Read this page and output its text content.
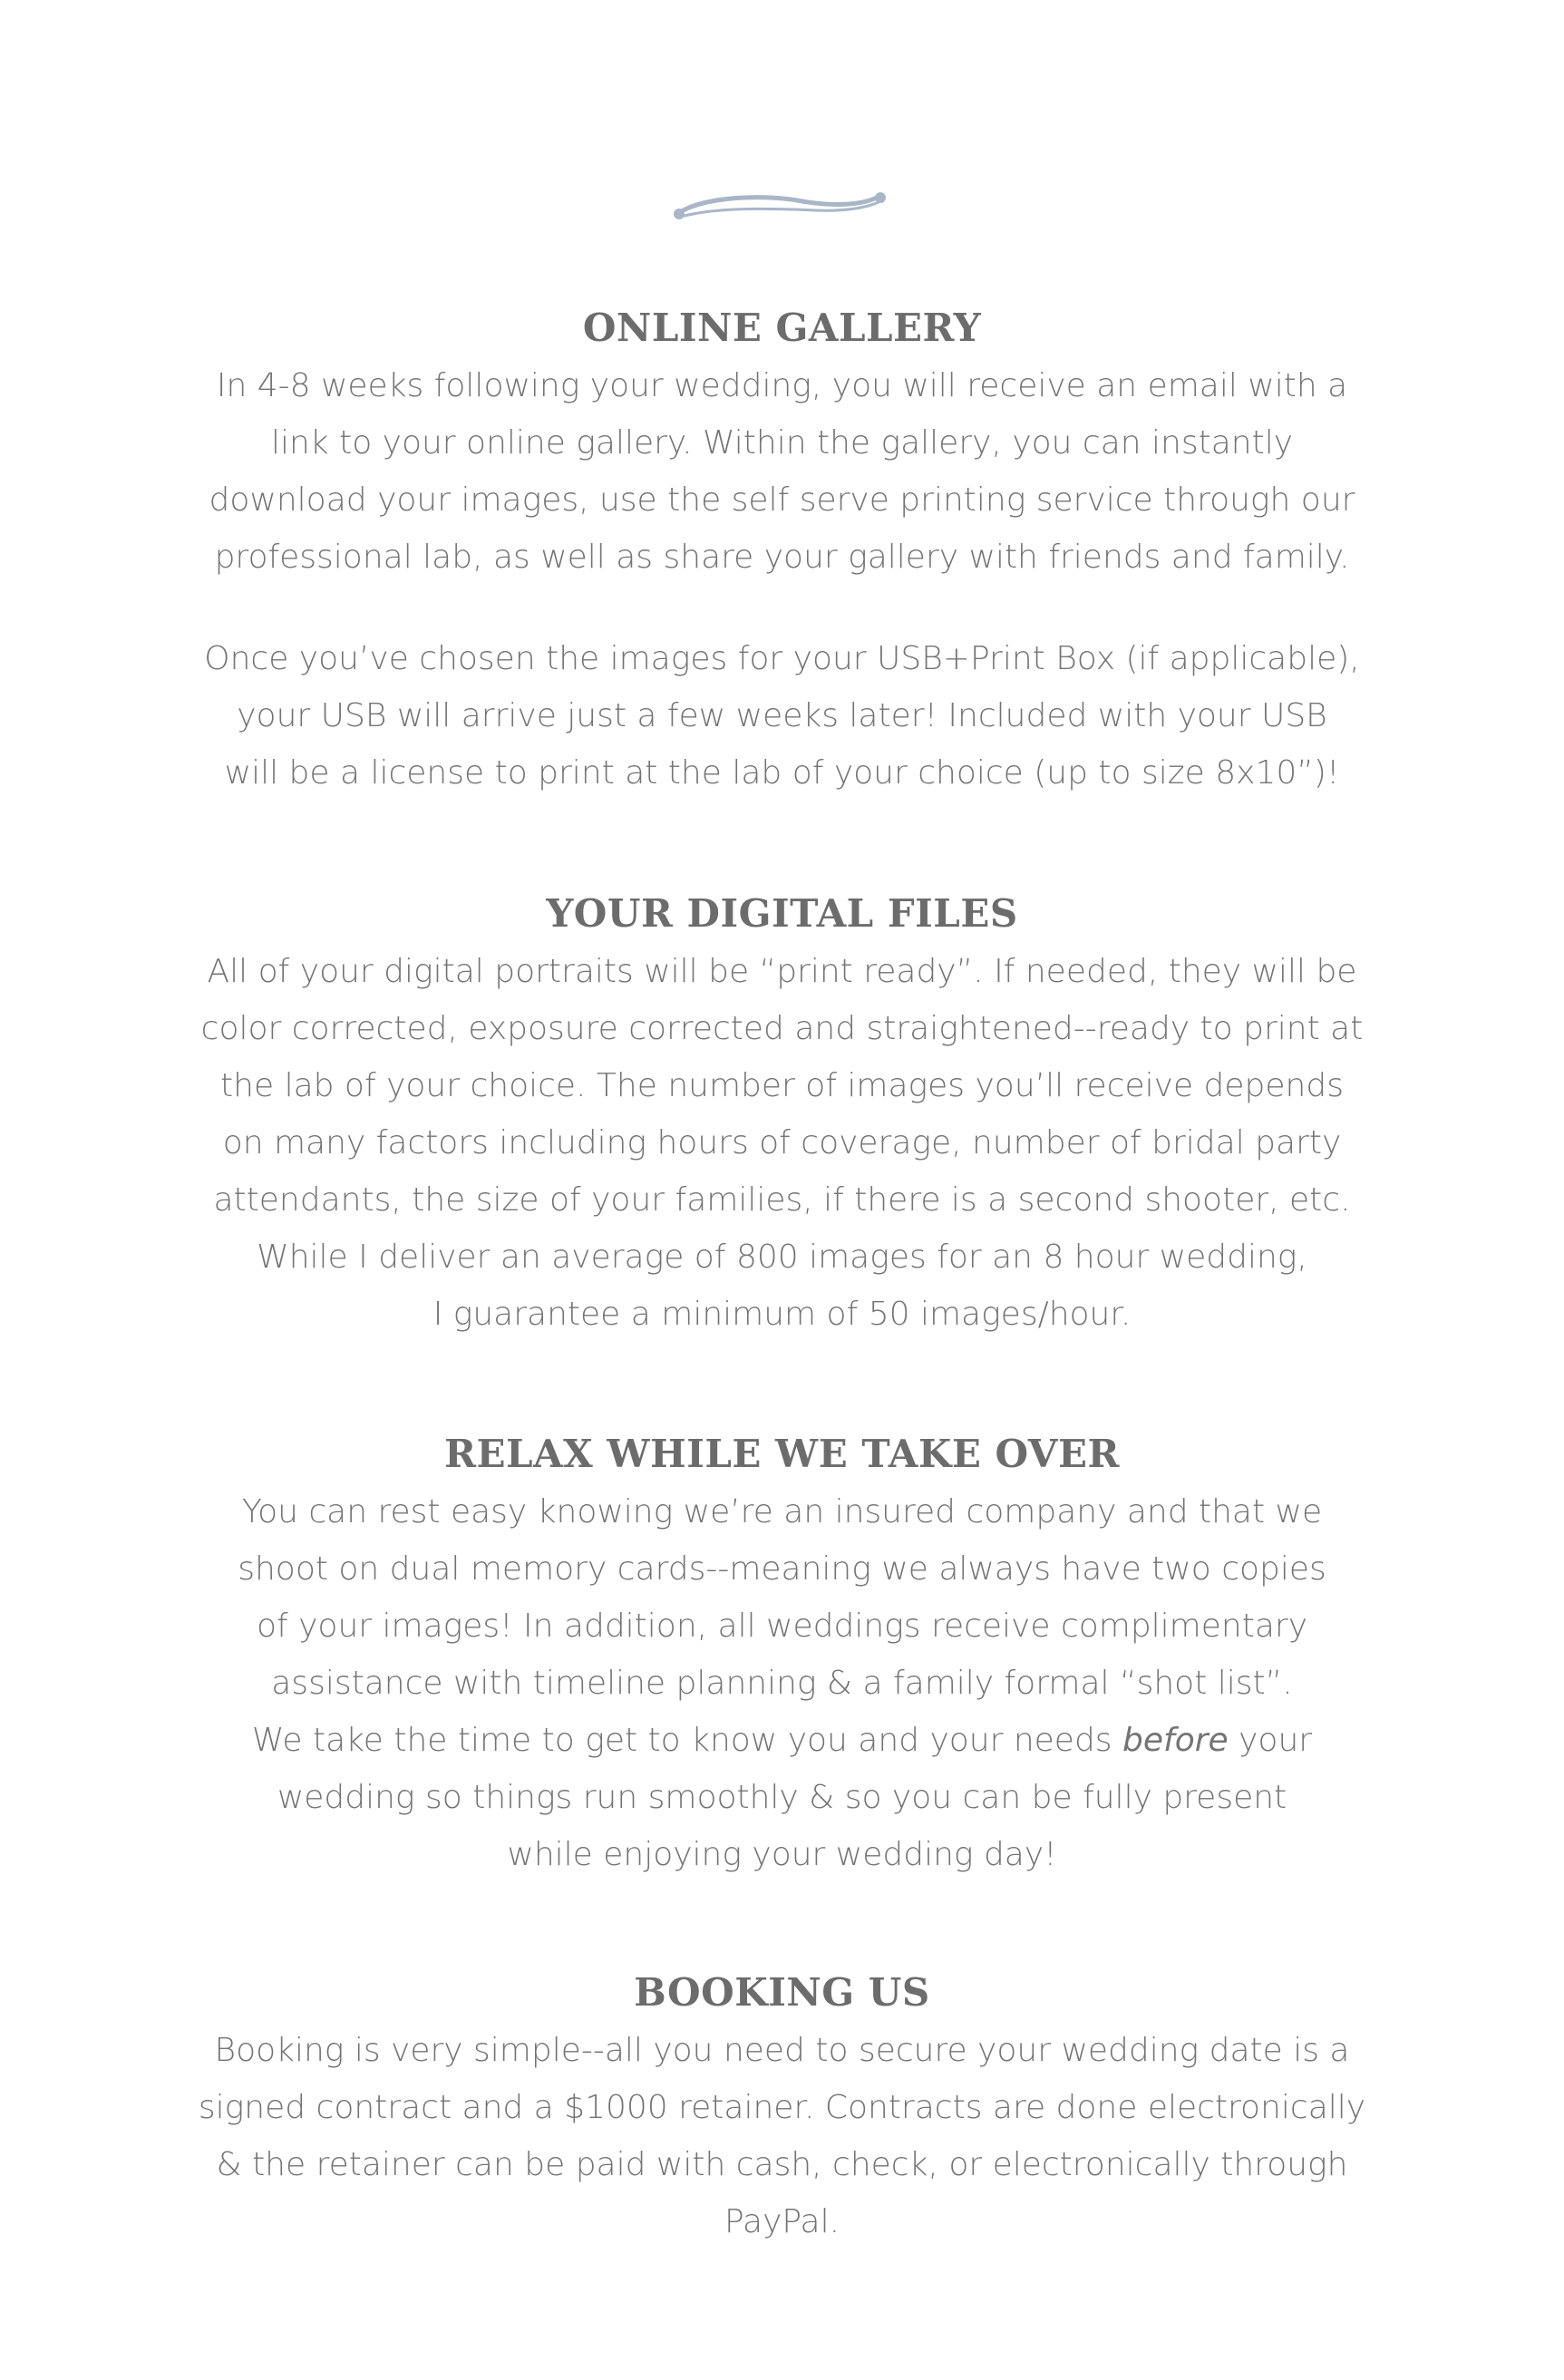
ONLINE GALLERY
In 4-8 weeks following your wedding, you will receive an email with a
link to your online gallery. Within the gallery, you can instantly
download your images, use the self serve printing service through our
professional lab, as well as share your gallery with friends and family.
Once you’ve chosen the images for your USB+Print Box (if applicable),
your USB will arrive just a few weeks later! Included with your USB
will be a license to print at the lab of your choice (up to size 8x10”)!
YOUR DIGITAL FILES
All of your digital portraits will be “print ready”. If needed, they will be
color corrected, exposure corrected and straightened--ready to print at
the lab of your choice. The number of images you’ll receive depends
on many factors including hours of coverage, number of bridal party
attendants, the size of your families, if there is a second shooter, etc.
While I deliver an average of 800 images for an 8 hour wedding,
I guarantee a minimum of 50 images/hour.
RELAX WHILE WE TAKE OVER
You can rest easy knowing we’re an insured company and that we
shoot on dual memory cards--meaning we always have two copies
of your images! In addition, all weddings receive complimentary
assistance with timeline planning & a family formal “shot list”.
We take the time to get to know you and your needs before your
wedding so things run smoothly & so you can be fully present
while enjoying your wedding day!
BOOKING US
Booking is very simple--all you need to secure your wedding date is a
signed contract and a $1000 retainer. Contracts are done electronically
& the retainer can be paid with cash, check, or electronically through
PayPal.
